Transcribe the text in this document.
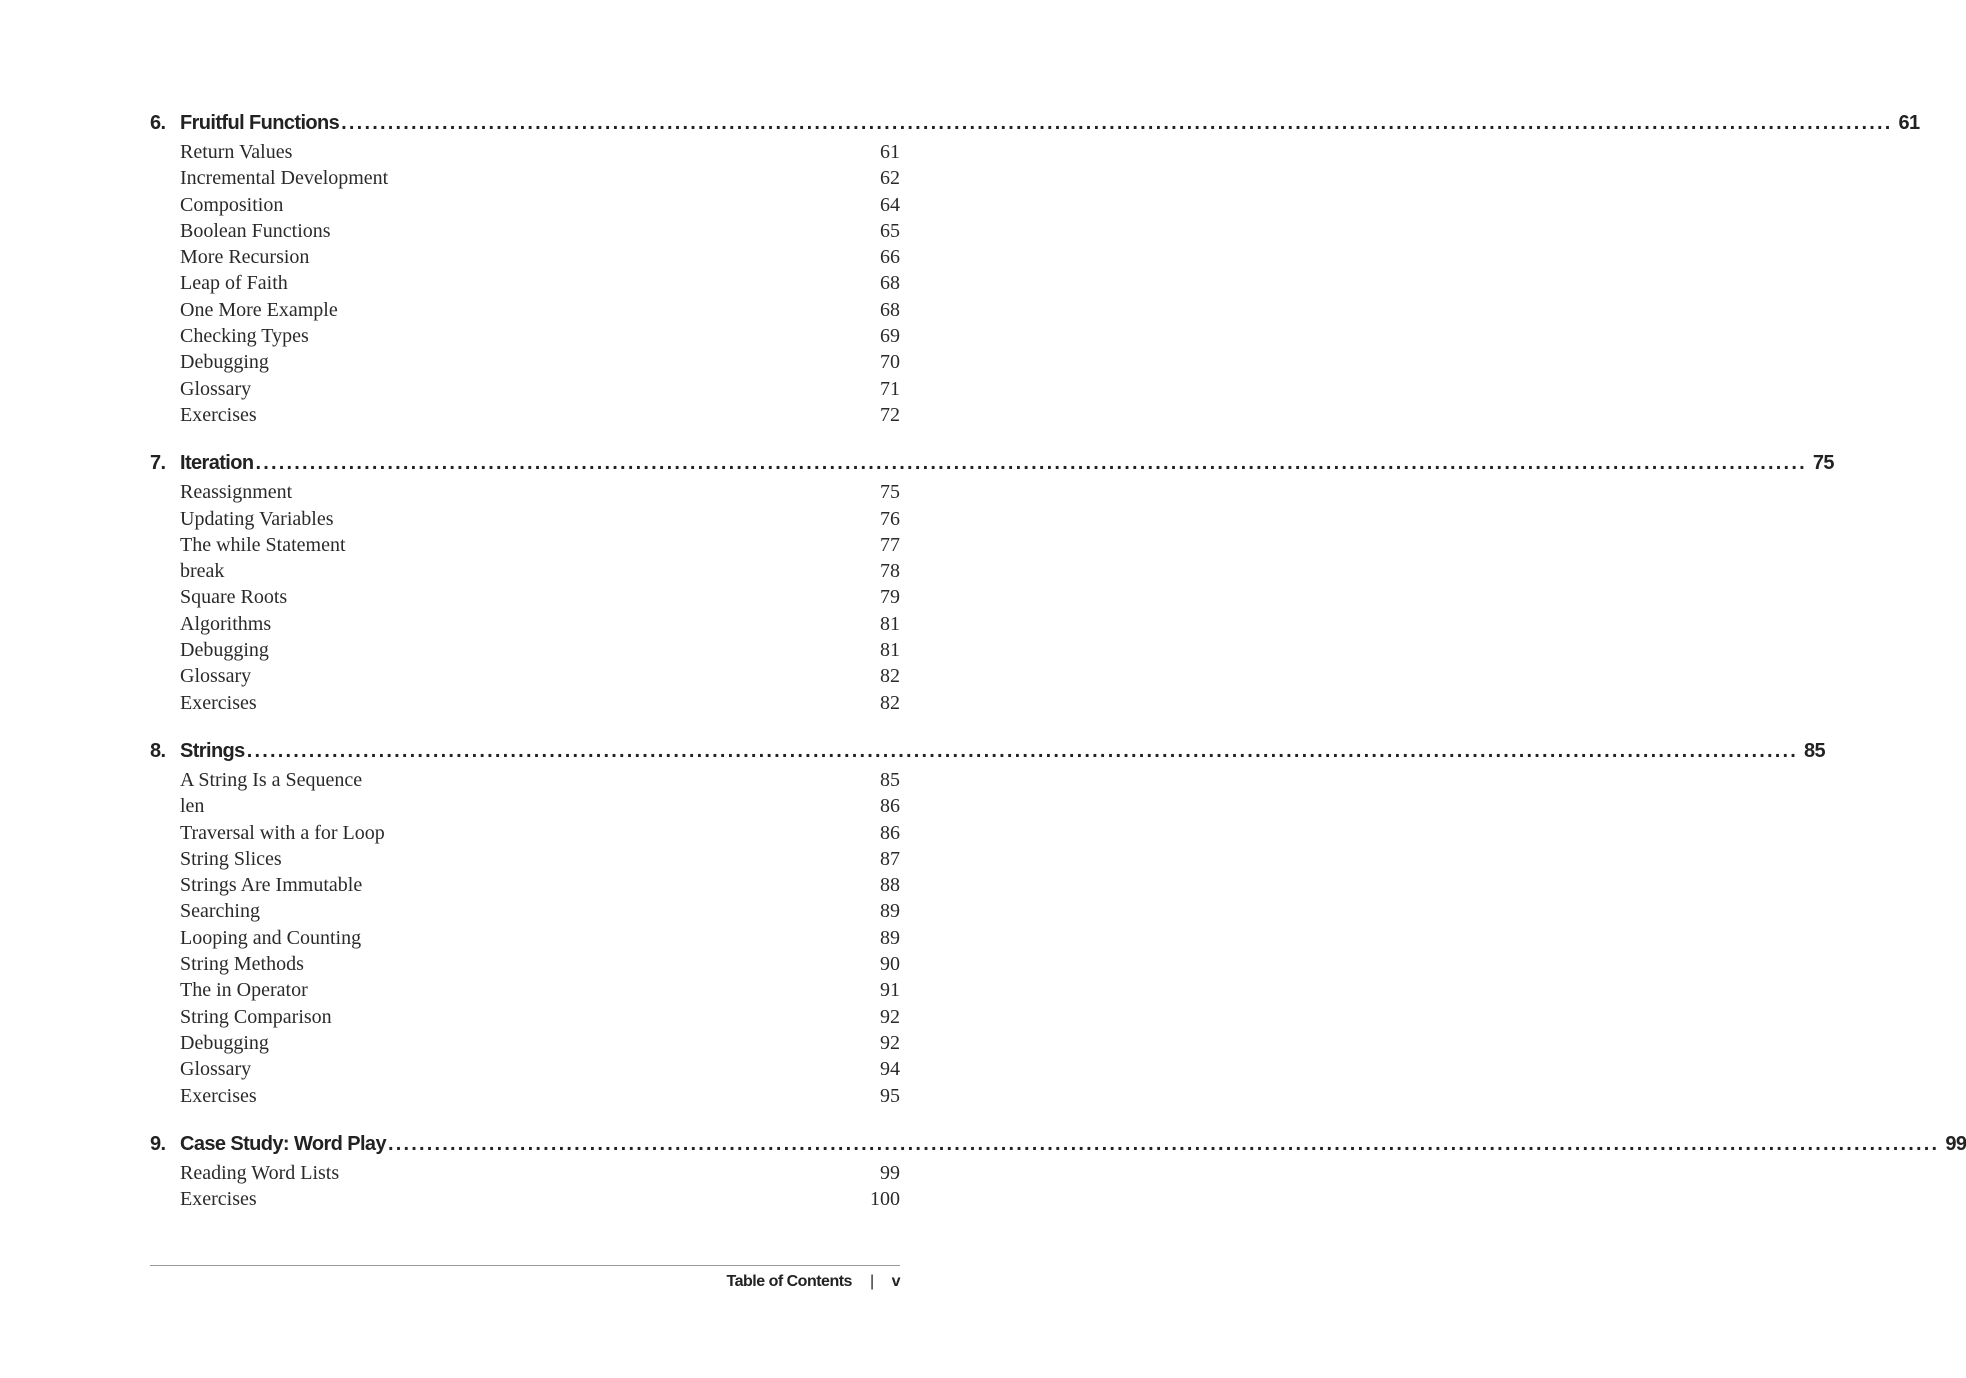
6. Fruitful Functions ........................................................................................................................................................................................................ 61
Return Values	61
Incremental Development	62
Composition	64
Boolean Functions	65
More Recursion	66
Leap of Faith	68
One More Example	68
Checking Types	69
Debugging	70
Glossary	71
Exercises	72
7. Iteration ........................................................................................................................................................................................................ 75
Reassignment	75
Updating Variables	76
The while Statement	77
break	78
Square Roots	79
Algorithms	81
Debugging	81
Glossary	82
Exercises	82
8. Strings ........................................................................................................................................................................................................ 85
A String Is a Sequence	85
len	86
Traversal with a for Loop	86
String Slices	87
Strings Are Immutable	88
Searching	89
Looping and Counting	89
String Methods	90
The in Operator	91
String Comparison	92
Debugging	92
Glossary	94
Exercises	95
9. Case Study: Word Play ........................................................................................................................................................................................................ 99
Reading Word Lists	99
Exercises	100
Table of Contents | v
